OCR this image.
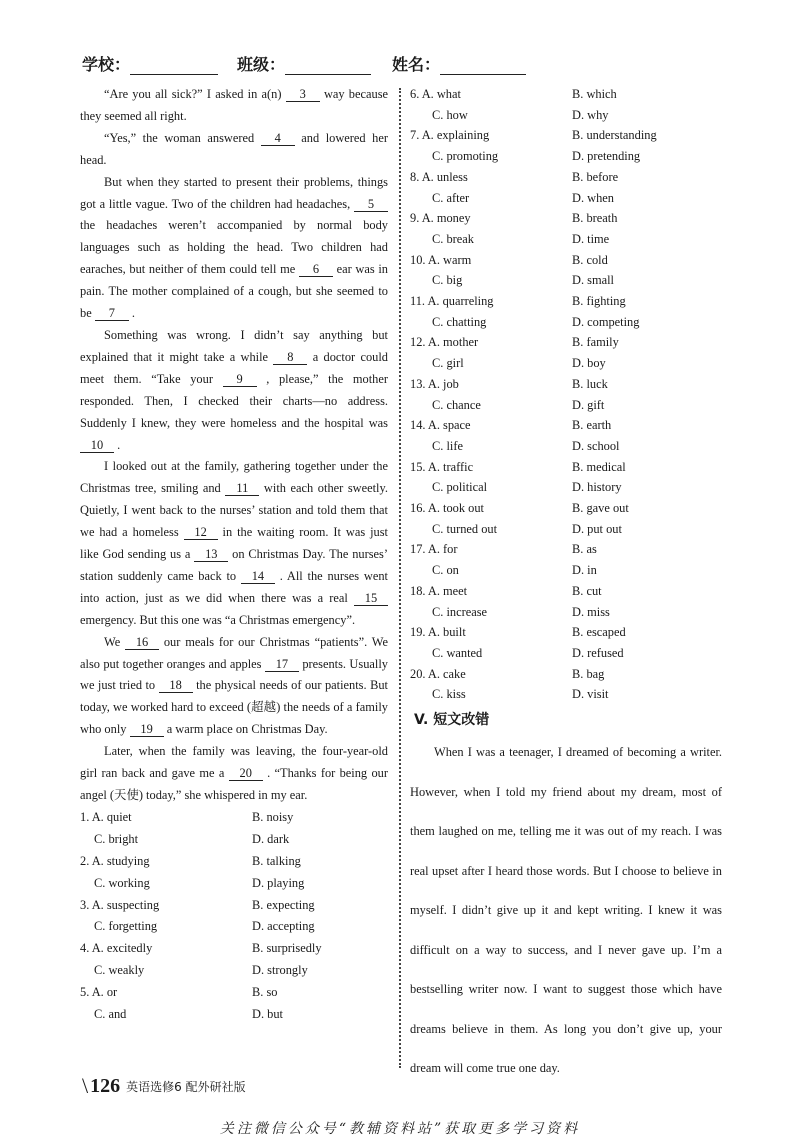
学校：	班级：	姓名：

“Are you all sick?” I asked in a(n) 3 way because they seemed all right.

“Yes,” the woman answered 4 and lowered her head.

But when they started to present their problems, things got a little vague. Two of the children had headaches, 5 the headaches weren’t accompanied by normal body languages such as holding the head. Two children had earaches, but neither of them could tell me 6 ear was in pain. The mother complained of a cough, but she seemed to be 7 .

Something was wrong. I didn’t say anything but explained that it might take a while 8 a doctor could meet them. “Take your 9 , please,” the mother responded. Then, I checked their charts—no address. Suddenly I knew, they were homeless and the hospital was 10 .

I looked out at the family, gathering together under the Christmas tree, smiling and 11 with each other sweetly. Quietly, I went back to the nurses’ station and told them that we had a homeless 12 in the waiting room. It was just like God sending us a 13 on Christmas Day. The nurses’ station suddenly came back to 14 . All the nurses went into action, just as we did when there was a real 15 emergency. But this one was “a Christmas emergency”.

We 16 our meals for our Christmas “patients”. We also put together oranges and apples 17 presents. Usually we just tried to 18 the physical needs of our patients. But today, we worked hard to exceed (超越) the needs of a family who only 19 a warm place on Christmas Day.

Later, when the family was leaving, the four-year-old girl ran back and gave me a 20 . “Thanks for being our angel (天使) today,” she whispered in my ear.

1. A. quiet	B. noisy
C. bright	D. dark
2. A. studying	B. talking
C. working	D. playing
3. A. suspecting	B. expecting
C. forgetting	D. accepting
4. A. excitedly	B. surprisedly
C. weakly	D. strongly
5. A. or	B. so
C. and	D. but
6. A. what	B. which
C. how	D. why
7. A. explaining	B. understanding
C. promoting	D. pretending
8. A. unless	B. before
C. after	D. when
9. A. money	B. breath
C. break	D. time
10. A. warm	B. cold
C. big	D. small
11. A. quarreling	B. fighting
C. chatting	D. competing
12. A. mother	B. family
C. girl	D. boy
13. A. job	B. luck
C. chance	D. gift
14. A. space	B. earth
C. life	D. school
15. A. traffic	B. medical
C. political	D. history
16. A. took out	B. gave out
C. turned out	D. put out
17. A. for	B. as
C. on	D. in
18. A. meet	B. cut
C. increase	D. miss
19. A. built	B. escaped
C. wanted	D. refused
20. A. cake	B. bag
C. kiss	D. visit
V. 短文改错

When I was a teenager, I dreamed of becoming a writer. However, when I told my friend about my dream, most of them laughed on me, telling me it was out of my reach. I was real upset after I heard those words. But I choose to believe in myself. I didn’t give up it and kept writing. I knew it was difficult on a way to success, and I never gave up. I’m a bestselling writer now. I want to suggest those which have dreams believe in them. As long you don’t give up, your dream will come true one day.

\ 126 英语选修6 配外研社版
关注微信公众号“教辅资料站”获取更多学习资料
